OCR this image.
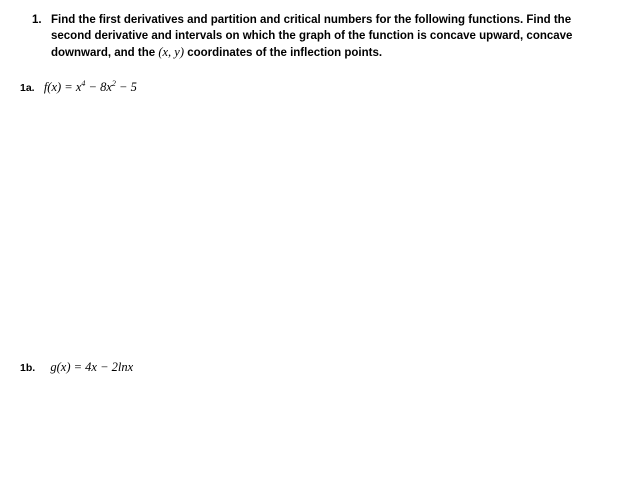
1. Find the first derivatives and partition and critical numbers for the following functions. Find the
second derivative and intervals on which the graph of the function is concave upward, concave
downward, and the (x, y) coordinates of the inflection points.
1a. $f(x) = x^4 - 8x^2 - 5$
1b. g(x) = 4x − 2lnx
